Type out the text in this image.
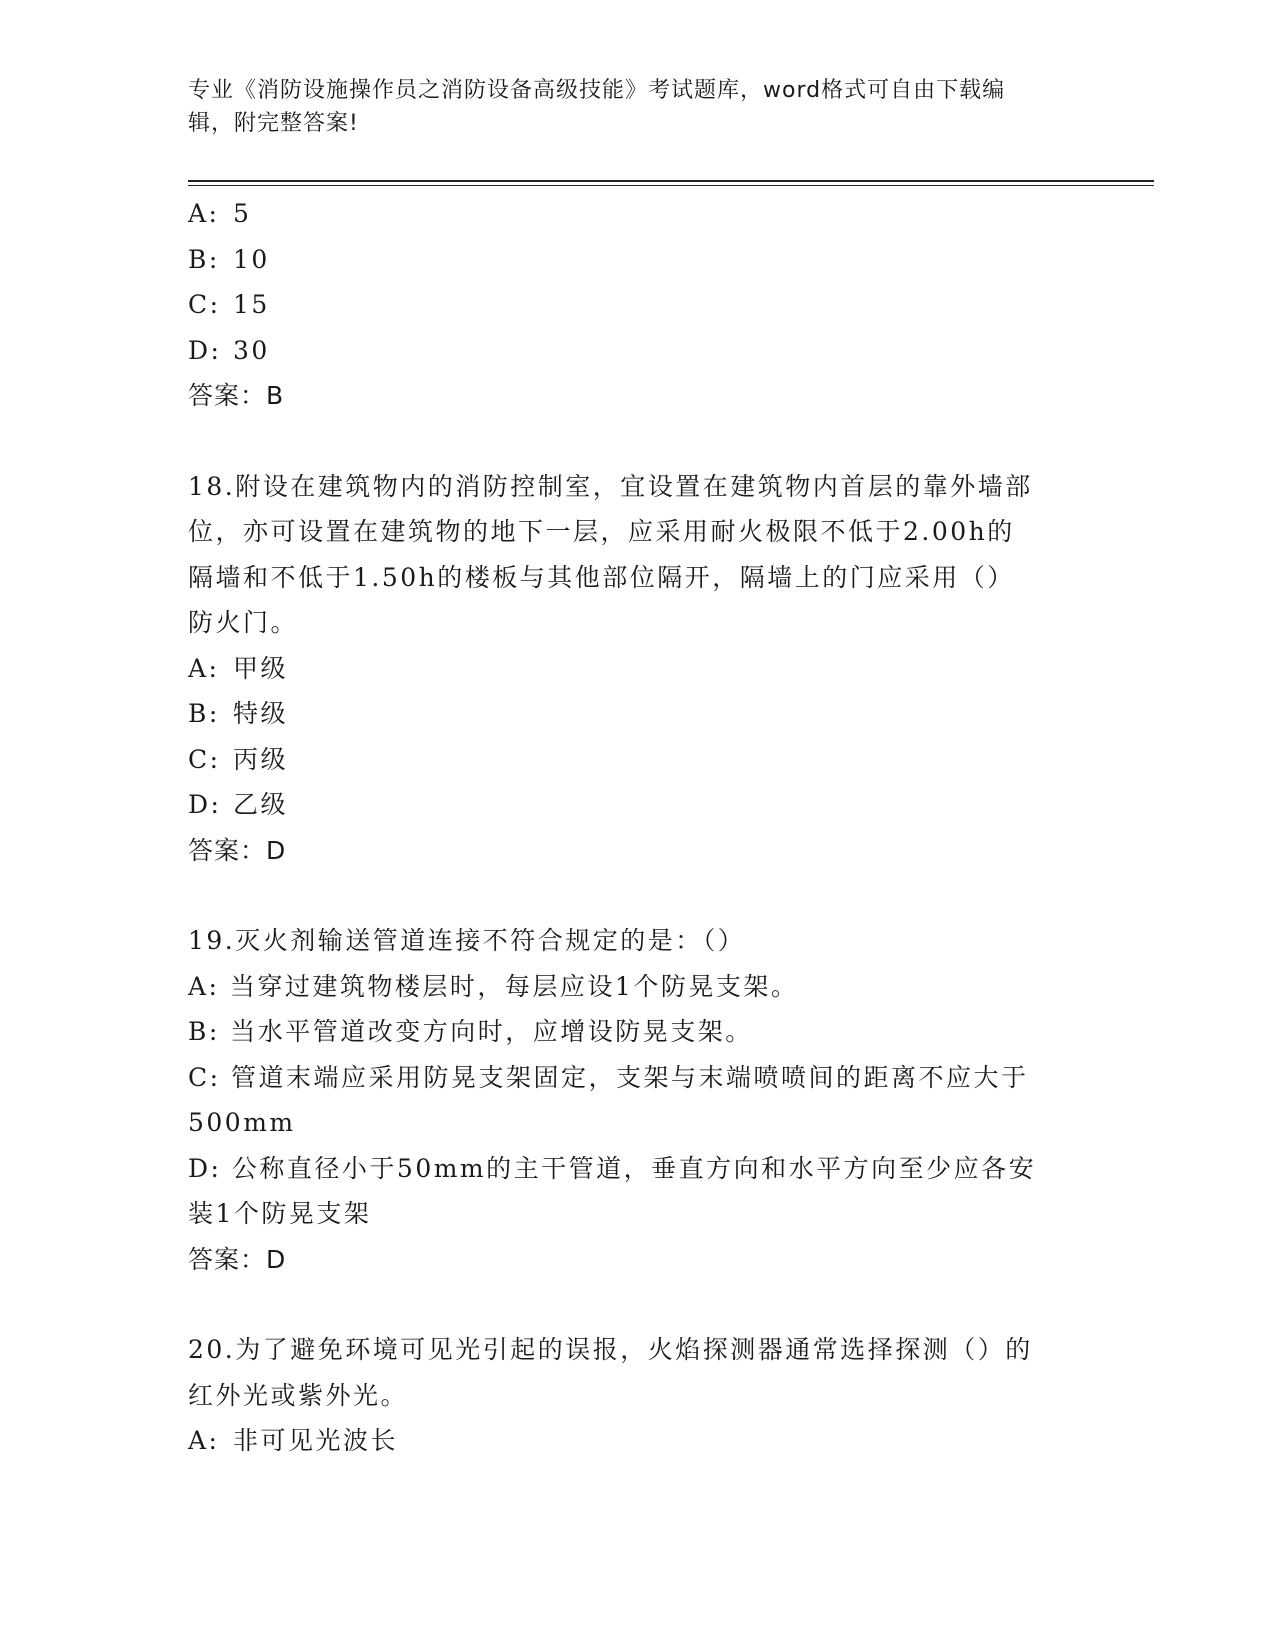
专业《消防设施操作员之消防设备高级技能》考试题库，word格式可自由下载编
辑，附完整答案!
A: 5
B: 10
C: 15
D: 30
答案：B
18.附设在建筑物内的消防控制室，宜设置在建筑物内首层的靠外墙部
位，亦可设置在建筑物的地下一层，应采用耐火极限不低于2.00h的
隔墙和不低于1.50h的楼板与其他部位隔开，隔墙上的门应采用（）
防火门。
A: 甲级
B: 特级
C: 丙级
D: 乙级
答案：D
19.灭火剂输送管道连接不符合规定的是：（）
A: 当穿过建筑物楼层时，每层应设1个防晃支架。
B: 当水平管道改变方向时，应增设防晃支架。
C: 管道末端应采用防晃支架固定，支架与末端喷喷间的距离不应大于
500mm
D: 公称直径小于50mm的主干管道，垂直方向和水平方向至少应各安
装1个防晃支架
答案：D
20.为了避免环境可见光引起的误报，火焰探测器通常选择探测（）的
红外光或紫外光。
A: 非可见光波长
